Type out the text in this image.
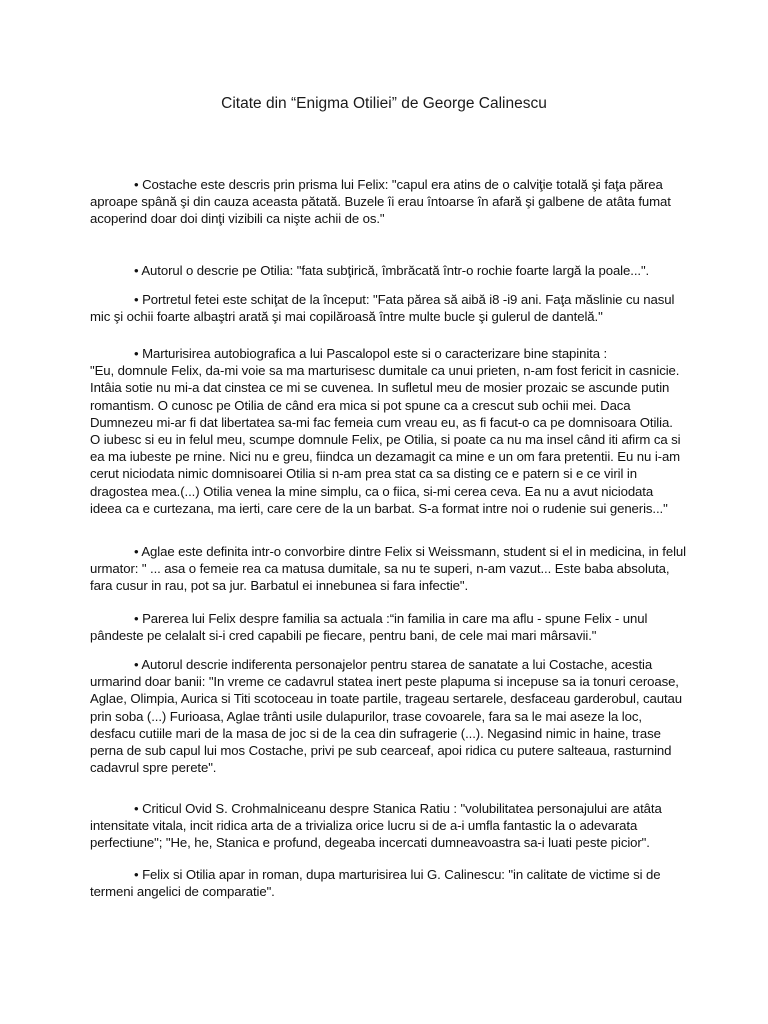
Citate din “Enigma Otiliei” de George Calinescu

• Costache este descris prin prisma lui Felix: "capul era atins de o calviţie totală şi faţa părea aproape spână şi din cauza aceasta pătată. Buzele îi erau întoarse în afară şi galbene de atâta fumat acoperind doar doi dinţi vizibili ca nişte achii de os."

• Autorul o descrie pe Otilia: "fata subţirică, îmbrăcată într-o rochie foarte largă la poale...".

• Portretul fetei este schiţat de la început: "Fata părea să aibă i8 -i9 ani. Faţa măslinie cu nasul mic şi ochii foarte albaştri arată şi mai copilăroasă între multe bucle şi gulerul de dantelă."

• Marturisirea autobiografica a lui Pascalopol este si o caracterizare bine stapinita :
"Eu, domnule Felix, da-mi voie sa ma marturisesc dumitale ca unui prieten, n-am fost fericit in casnicie. Intâia sotie nu mi-a dat cinstea ce mi se cuvenea. In sufletul meu de mosier prozaic se ascunde putin romantism. O cunosc pe Otilia de când era mica si pot spune ca a crescut sub ochii mei. Daca Dumnezeu mi-ar fi dat libertatea sa-mi fac femeia cum vreau eu, as fi facut-o ca pe domnisoara Otilia. O iubesc si eu in felul meu, scumpe domnule Felix, pe Otilia, si poate ca nu ma insel când iti afirm ca si ea ma iubeste pe rnine. Nici nu e greu, fiindca un dezamagit ca mine e un om fara pretentii. Eu nu i-am cerut niciodata nimic domnisoarei Otilia si n-am prea stat ca sa disting ce e patern si e ce viril in dragostea mea.(...) Otilia venea la mine simplu, ca o fiica, si-mi cerea ceva. Ea nu a avut niciodata ideea ca e curtezana, ma ierti, care cere de la un barbat. S-a format intre noi o rudenie sui generis..."

• Aglae este definita intr-o convorbire dintre Felix si Weissmann, student si el in medicina, in felul urmator: " ... asa o femeie rea ca matusa dumitale, sa nu te superi, n-am vazut... Este baba absoluta, fara cusur in rau, pot sa jur. Barbatul ei innebunea si fara infectie".

• Parerea lui Felix despre familia sa actuala :“in familia in care ma aflu - spune Felix - unul pândeste pe celalalt si-i cred capabili pe fiecare, pentru bani, de cele mai mari mârsavii."

• Autorul descrie indiferenta personajelor pentru starea de sanatate a lui Costache, acestia urmarind doar banii: "In vreme ce cadavrul statea inert peste plapuma si incepuse sa ia tonuri ceroase, Aglae, Olimpia, Aurica si Titi scotoceau in toate partile, trageau sertarele, desfaceau garderobul, cautau prin soba (...) Furioasa, Aglae trânti usile dulapurilor, trase covoarele, fara sa le mai aseze la loc, desfacu cutiile mari de la masa de joc si de la cea din sufragerie (...). Negasind nimic in haine, trase perna de sub capul lui mos Costache, privi pe sub cearceaf, apoi ridica cu putere salteaua, rasturnind cadavrul spre perete".

• Criticul Ovid S. Crohmalniceanu despre Stanica Ratiu : "volubilitatea personajului are atâta intensitate vitala, incit ridica arta de a trivializa orice lucru si de a-i umfla fantastic la o adevarata perfectiune"; "He, he, Stanica e profund, degeaba incercati dumneavoastra sa-i luati peste picior".

• Felix si Otilia apar in roman, dupa marturisirea lui G. Calinescu: "in calitate de victime si de termeni angelici de comparatie".
